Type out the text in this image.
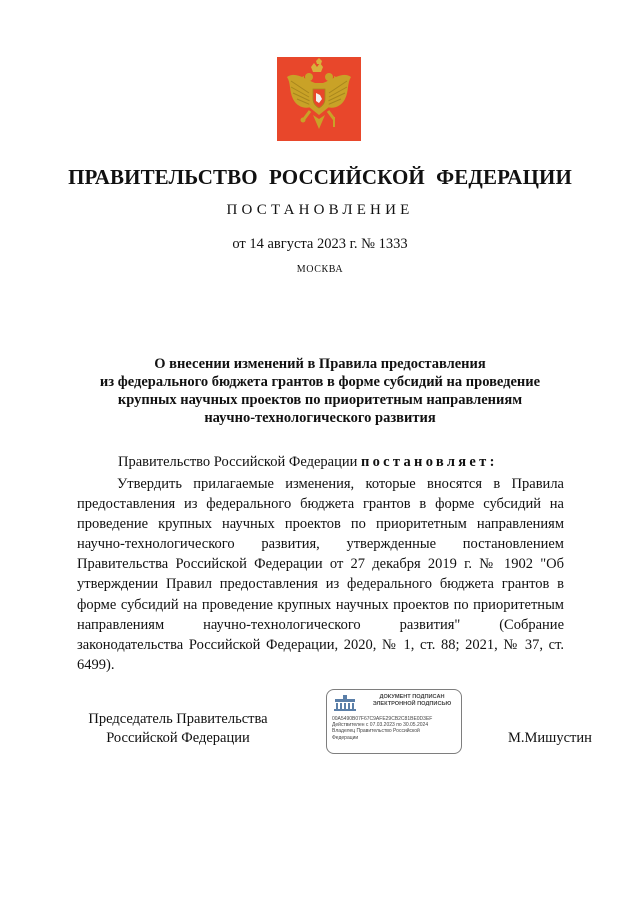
ПРАВИТЕЛЬСТВО РОССИЙСКОЙ ФЕДЕРАЦИИ
ПОСТАНОВЛЕНИЕ
от 14 августа 2023 г. № 1333
МОСКВА
О внесении изменений в Правила предоставления
из федерального бюджета грантов в форме субсидий на проведение
крупных научных проектов по приоритетным направлениям
научно-технологического развития
Правительство Российской Федерации постановляет:
Утвердить прилагаемые изменения, которые вносятся в Правила предоставления из федерального бюджета грантов в форме субсидий на проведение крупных научных проектов по приоритетным направлениям научно-технологического развития, утвержденные постановлением Правительства Российской Федерации от 27 декабря 2019 г. № 1902 "Об утверждении Правил предоставления из федерального бюджета грантов в форме субсидий на проведение крупных научных проектов по приоритетным направлениям научно-технологического развития" (Собрание законодательства Российской Федерации, 2020, № 1, ст. 88; 2021, № 37, ст. 6499).
Председатель Правительства
Российской Федерации
ДОКУМЕНТ ПОДПИСАН
ЭЛЕКТРОННОЙ ПОДПИСЬЮ
00A5490B07F67C9AFE29CB2C81BE0D3EF
Действителен с 07.03.2023 по 30.05.2024
Владелец Правительство Российской
Федерации	М.Мишустин
